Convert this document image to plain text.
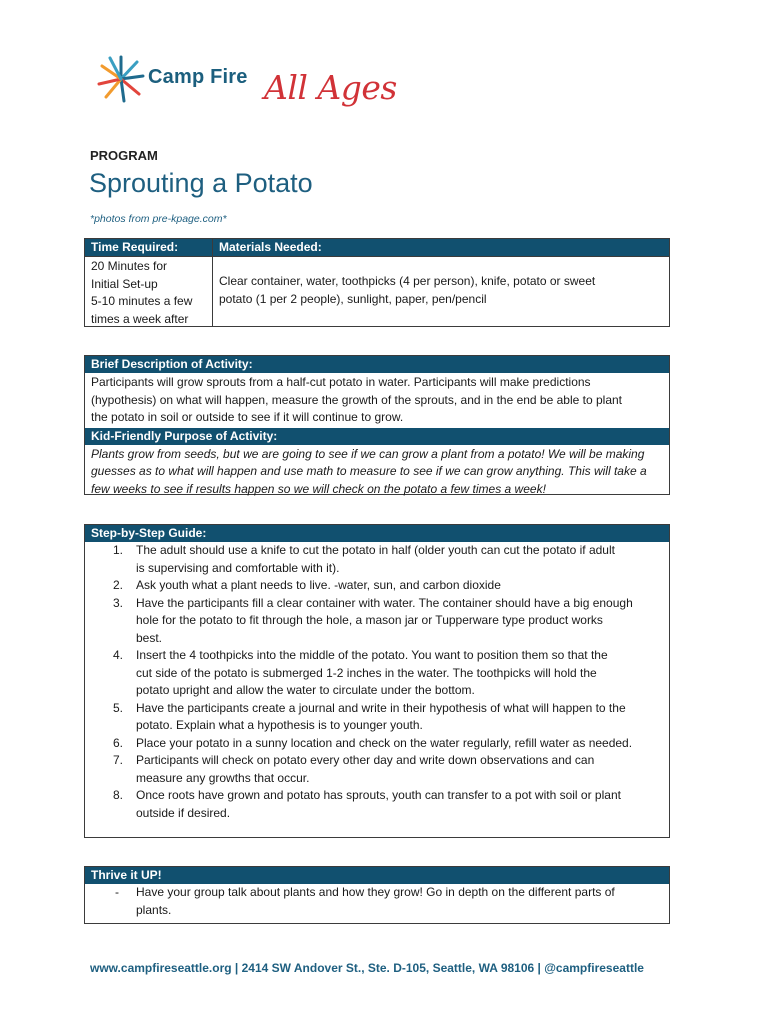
Camp Fire All Ages
PROGRAM
Sprouting a Potato
*photos from pre-kpage.com*
Time Required:
20 Minutes for
Initial Set-up
5-10 minutes a few
times a week after
Materials Needed:
Clear container, water, toothpicks (4 per person), knife, potato or sweet
potato (1 per 2 people), sunlight, paper, pen/pencil
Brief Description of Activity:
Participants will grow sprouts from a half-cut potato in water. Participants will make predictions
(hypothesis) on what will happen, measure the growth of the sprouts, and in the end be able to plant
the potato in soil or outside to see if it will continue to grow.
Kid-Friendly Purpose of Activity:
Plants grow from seeds, but we are going to see if we can grow a plant from a potato! We will be making
guesses as to what will happen and use math to measure to see if we can grow anything. This will take a
few weeks to see if results happen so we will check on the potato a few times a week!
Step-by-Step Guide:
1. The adult should use a knife to cut the potato in half (older youth can cut the potato if adult
is supervising and comfortable with it).
2. Ask youth what a plant needs to live. -water, sun, and carbon dioxide
3. Have the participants fill a clear container with water. The container should have a big enough
hole for the potato to fit through the hole, a mason jar or Tupperware type product works
best.
4. Insert the 4 toothpicks into the middle of the potato. You want to position them so that the
cut side of the potato is submerged 1-2 inches in the water. The toothpicks will hold the
potato upright and allow the water to circulate under the bottom.
5. Have the participants create a journal and write in their hypothesis of what will happen to the
potato. Explain what a hypothesis is to younger youth.
6. Place your potato in a sunny location and check on the water regularly, refill water as needed.
7. Participants will check on potato every other day and write down observations and can
measure any growths that occur.
8. Once roots have grown and potato has sprouts, youth can transfer to a pot with soil or plant
outside if desired.
Thrive it UP!
- Have your group talk about plants and how they grow! Go in depth on the different parts of
plants.
www.campfireseattle.org | 2414 SW Andover St., Ste. D-105, Seattle, WA 98106 | @campfireseattle
